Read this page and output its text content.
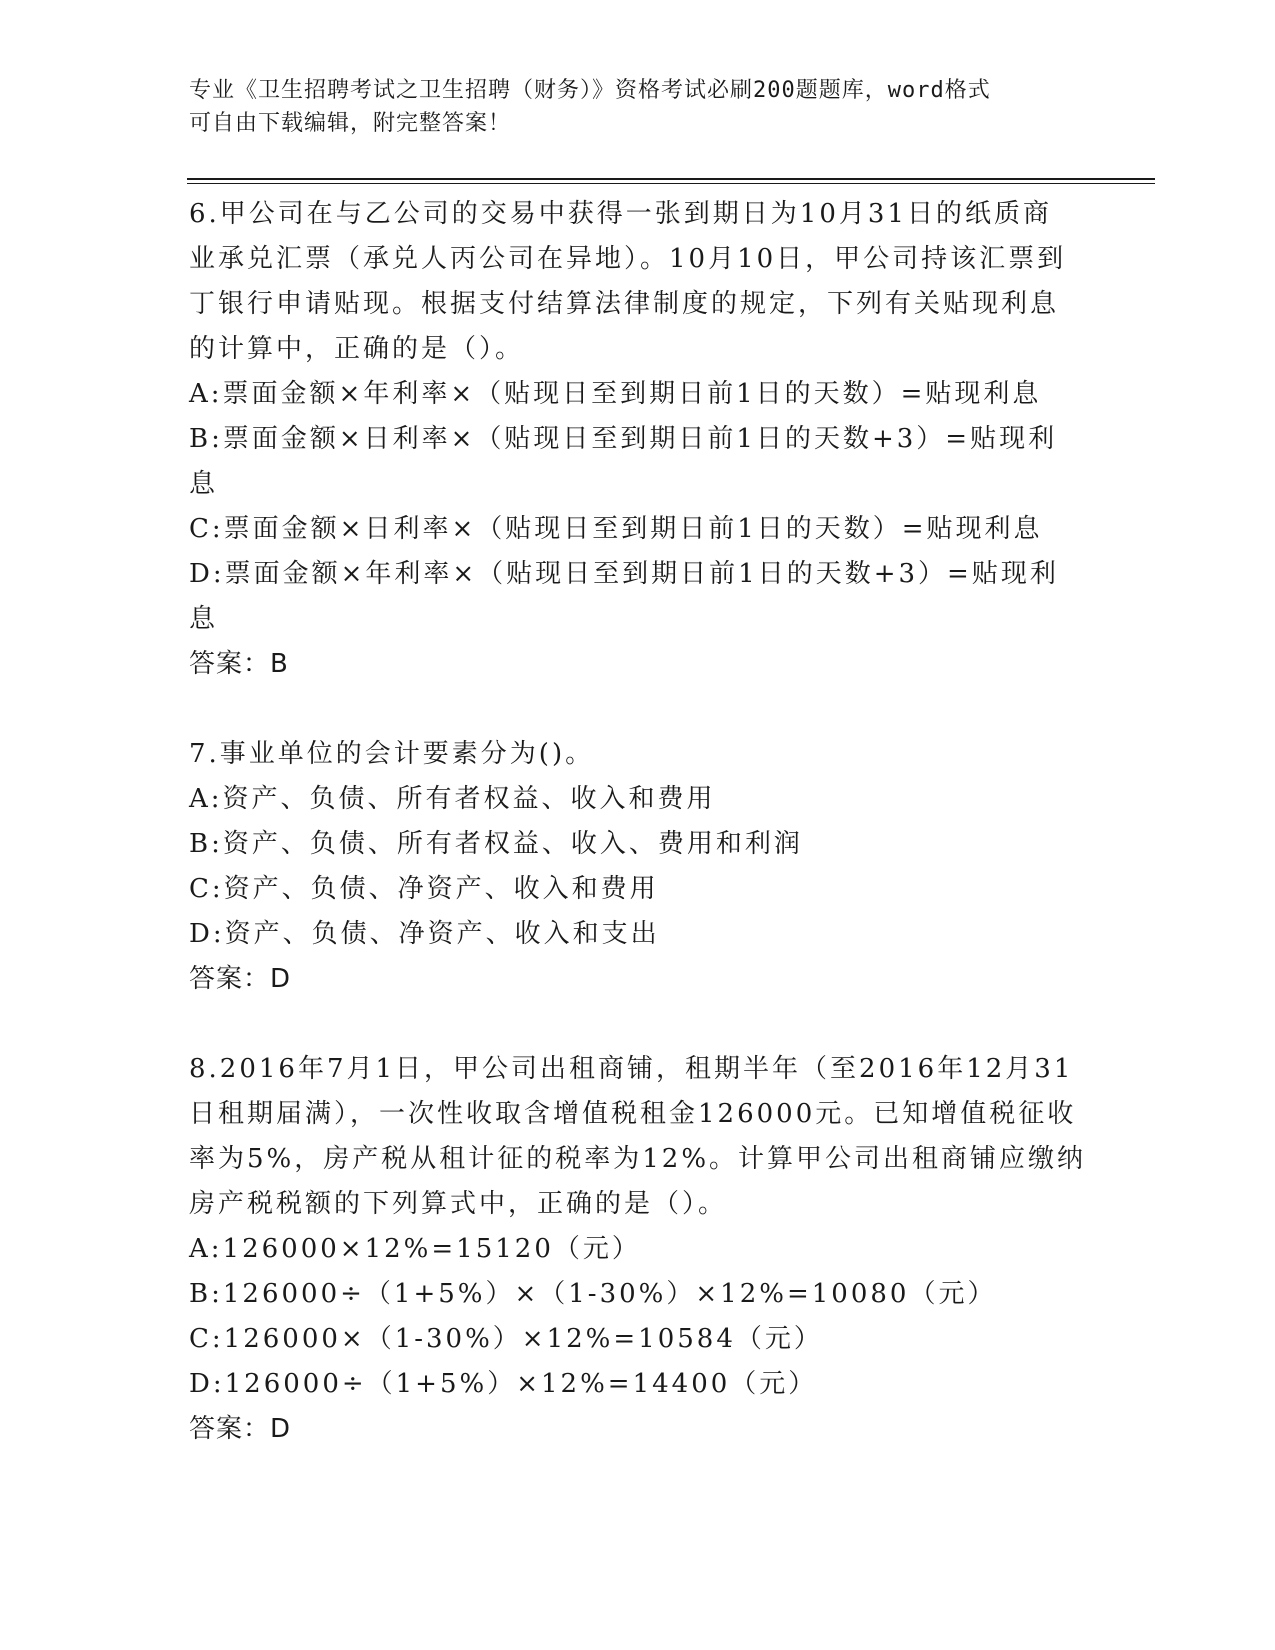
专业《卫生招聘考试之卫生招聘（财务）》资格考试必刷200题题库，word格式
可自由下载编辑，附完整答案！
6.甲公司在与乙公司的交易中获得一张到期日为10月31日的纸质商
业承兑汇票（承兑人丙公司在异地）。10月10日，甲公司持该汇票到
丁银行申请贴现。根据支付结算法律制度的规定，下列有关贴现利息
的计算中，正确的是（）。
A:票面金额×年利率×（贴现日至到期日前1日的天数）=贴现利息
B:票面金额×日利率×（贴现日至到期日前1日的天数+3）=贴现利
息
C:票面金额×日利率×（贴现日至到期日前1日的天数）=贴现利息
D:票面金额×年利率×（贴现日至到期日前1日的天数+3）=贴现利
息
答案：B
7.事业单位的会计要素分为()。
A:资产、负债、所有者权益、收入和费用
B:资产、负债、所有者权益、收入、费用和利润
C:资产、负债、净资产、收入和费用
D:资产、负债、净资产、收入和支出
答案：D
8.2016年7月1日，甲公司出租商铺，租期半年（至2016年12月31
日租期届满），一次性收取含增值税租金126000元。已知增值税征收
率为5%，房产税从租计征的税率为12%。计算甲公司出租商铺应缴纳
房产税税额的下列算式中，正确的是（）。
A:126000×12%=15120（元）
B:126000÷（1+5%）×（1-30%）×12%=10080（元）
C:126000×（1-30%）×12%=10584（元）
D:126000÷（1+5%）×12%=14400（元）
答案：D
